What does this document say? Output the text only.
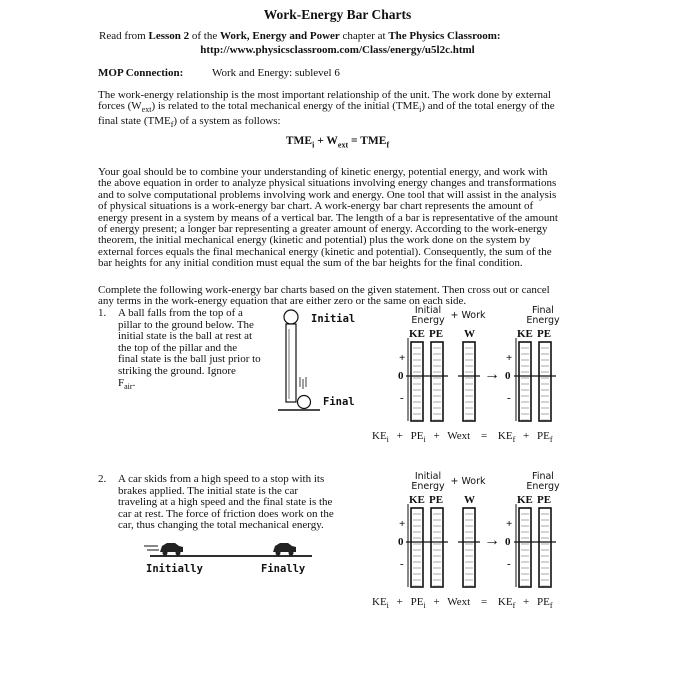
Work-Energy Bar Charts
Read from Lesson 2 of the Work, Energy and Power chapter at The Physics Classroom:
http://www.physicsclassroom.com/Class/energy/u5l2c.html
MOP Connection:	Work and Energy: sublevel 6
The work-energy relationship is the most important relationship of the unit. The work done by external
forces $(W_{ext})$ is related to the total mechanical energy of the initial $(TME_i)$ and of the total energy of the
final state $(TME_f)$ of a system as follows:
$TME_i + W_{ext} = TME_f$
Your goal should be to combine your understanding of kinetic energy, potential energy, and work with
the above equation in order to analyze physical situations involving energy changes and transformations
and to solve computational problems involving work and energy. One tool that will assist in the analysis
of physical situations is a work-energy bar chart. A work-energy bar chart represents the amount of
energy present in a system by means of a vertical bar. The length of a bar is representative of the amount
of energy present; a longer bar representing a greater amount of energy. According to the work-energy
theorem, the initial mechanical energy (kinetic and potential) plus the work done on the system by
external forces equals the final mechanical energy (kinetic and potential). Consequently, the sum of the
bar heights for any initial condition must equal the sum of the bar heights for the final condition.
Complete the following work-energy bar charts based on the given statement. Then cross out or cancel
any terms in the work-energy equation that are either zero or the same on each side.
1. A ball falls from the top of a
pillar to the ground below. The
initial state is the ball at rest at
the top of the pillar and the
final state is the ball just prior to
striking the ground. Ignore
$F_{air}$.
Initial
Final
2. A car skids from a high speed to a stop with its
brakes applied. The initial state is the car
traveling at a high speed and the final state is the
car at rest. The force of friction does work on the
car, thus changing the total mechanical energy.
Initially	Finally
Initial
Energy + Work	Final
Energy
KE PE W	KE PE
+
0
-
+
0
-
→
Initial
Energy + Work	Final
Energy
KE PE W	KE PE
+
0
-
+
0
-
→
$KE_i + PE_i$ + Wext = $KE_f + PE_f$
$KE_i + PE_i$ + Wext = $KE_f + PE_f$
